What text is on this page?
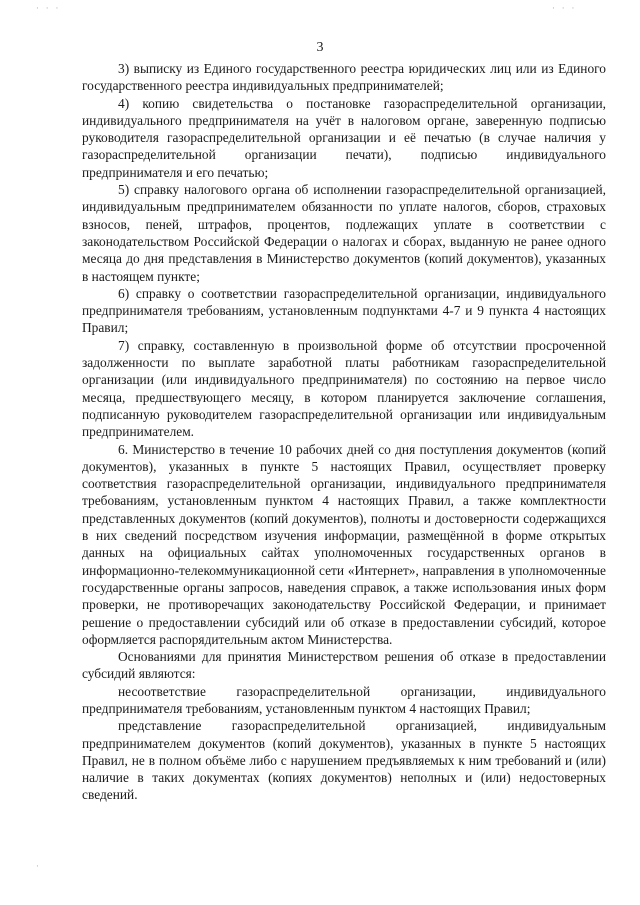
· · ·	· · ·
·
3

3) выписку из Единого государственного реестра юридических лиц или из Единого государственного реестра индивидуальных предпринимателей;

4) копию свидетельства о постановке газораспределительной организации, индивидуального предпринимателя на учёт в налоговом органе, заверенную подписью руководителя газораспределительной организации и её печатью (в случае наличия у газораспределительной организации печати), подписью индивидуального предпринимателя и его печатью;

5) справку налогового органа об исполнении газораспределительной организацией, индивидуальным предпринимателем обязанности по уплате налогов, сборов, страховых взносов, пеней, штрафов, процентов, подлежащих уплате в соответствии с законодательством Российской Федерации о налогах и сборах, выданную не ранее одного месяца до дня представления в Министерство документов (копий документов), указанных в настоящем пункте;

6) справку о соответствии газораспределительной организации, индивидуального предпринимателя требованиям, установленным подпунктами 4-7 и 9 пункта 4 настоящих Правил;

7) справку, составленную в произвольной форме об отсутствии просроченной задолженности по выплате заработной платы работникам газораспределительной организации (или индивидуального предпринимателя) по состоянию на первое число месяца, предшествующего месяцу, в котором планируется заключение соглашения, подписанную руководителем газораспределительной организации или индивидуальным предпринимателем.

6. Министерство в течение 10 рабочих дней со дня поступления документов (копий документов), указанных в пункте 5 настоящих Правил, осуществляет проверку соответствия газораспределительной организации, индивидуального предпринимателя требованиям, установленным пунктом 4 настоящих Правил, а также комплектности представленных документов (копий документов), полноты и достоверности содержащихся в них сведений посредством изучения информации, размещённой в форме открытых данных на официальных сайтах уполномоченных государственных органов в информационно-телекоммуникационной сети «Интернет», направления в уполномоченные государственные органы запросов, наведения справок, а также использования иных форм проверки, не противоречащих законодательству Российской Федерации, и принимает решение о предоставлении субсидий или об отказе в предоставлении субсидий, которое оформляется распорядительным актом Министерства.

Основаниями для принятия Министерством решения об отказе в предоставлении субсидий являются:

несоответствие газораспределительной организации, индивидуального предпринимателя требованиям, установленным пунктом 4 настоящих Правил;

представление газораспределительной организацией, индивидуальным предпринимателем документов (копий документов), указанных в пункте 5 настоящих Правил, не в полном объёме либо с нарушением предъявляемых к ним требований и (или) наличие в таких документах (копиях документов) неполных и (или) недостоверных сведений.
